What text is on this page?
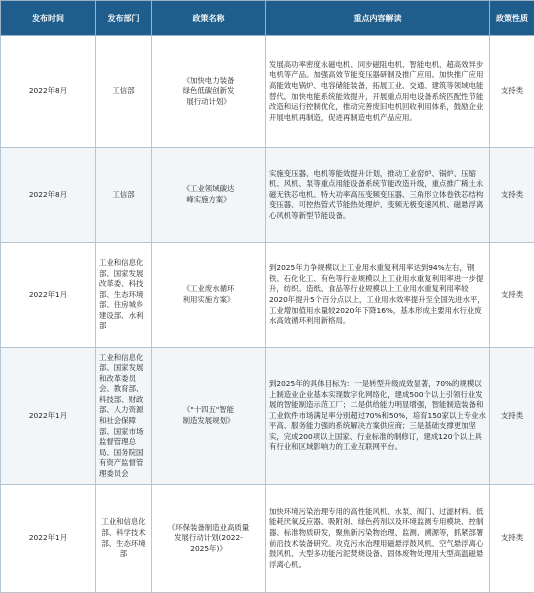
发布时间	发布部门	政策名称	重点内容解读	政策性质
2022年8月	工信部	《加快电力装备绿色低碳创新发展行动计划》	发展高功率密度永磁电机、同步磁阻电机、智能电机、超高效异步电机等产品。加强高效节能变压器研制及推广应用。加快推广应用高能效电锅炉、电容储能装备，拓展工业、交通、建筑等领域电能替代。加快电能系统能效提升，开展重点用电设备系统匹配性节能改造和运行控制优化，推动完善废旧电机回收利用体系，鼓励企业开展电机再制造，促进再制造电机产品应用。	支持类
2022年8月	工信部	《工业领域碳达峰实施方案》	实施变压器、电机等能效提升计划，推动工业窑炉、锅炉、压缩机、风机、泵等重点用能设备系统节能改造升级，重点推广稀土永磁无铁芯电机、特大功率高压变频变压器、三角形立体卷铁芯结构变压器、可控热管式节能热处理炉、变频无极变速风机、磁悬浮离心风机等新型节能设备。	支持类
2022年1月	工业和信息化部、国家发展改革委、科技部、生态环境部、住房城乡建设部、水利部	《工业废水循环利用实施方案》	到2025年力争规模以上工业用水重复利用率达到94%左右，钢铁、石化化工、有色等行业规模以上工业用水重复利用率进一步提升，纺织、造纸、食品等行业规模以上工业用水重复利用率较2020年提升5个百分点以上，工业用水效率提升至全国先进水平，工业增加值用水量较2020年下降16%，基本形成主要用水行业废水高效循环利用新格局。	支持类
2022年1月	工业和信息化部、国家发展和改革委员会、教育部、科技部、财政部、人力资源和社会保障部、国家市场监督管理总局、国务院国有资产监督管理委员会	《"十四五"智能制造发展规划》	到2025年的具体目标为：一是转型升级成效显著，70%的规模以上制造业企业基本实现数字化网络化，建成500个以上引领行业发展的智能制造示范工厂；二是供给能力明显增强，智能制造装备和工业软件市场满足率分别超过70%和50%，培育150家以上专业水平高、服务能力强的系统解决方案供应商；三是基础支撑更加坚实，完成200项以上国家、行业标准的制修订，建成120个以上具有行业和区域影响力的工业互联网平台。	支持类
2022年1月	工业和信息化部、科学技术部、生态环境部	《环保装备制造业高质量发展行动计划(2022-2025年)》	加快环境污染治理专用的高性能风机、水泵、阀门、过滤材料、低能耗厌氧反应器、吸附剂、绿色药剂以及环境监测专用模块、控制器、标准物质研发，聚焦新污染物治理、监测、溯源等，抓紧部署前沿技术装备研究。攻克污水治理用磁悬浮鼓风机、空气悬浮离心鼓风机、大型多功能污泥焚烧设备、固体废物处理用大型高温磁悬浮离心机。	支持类
